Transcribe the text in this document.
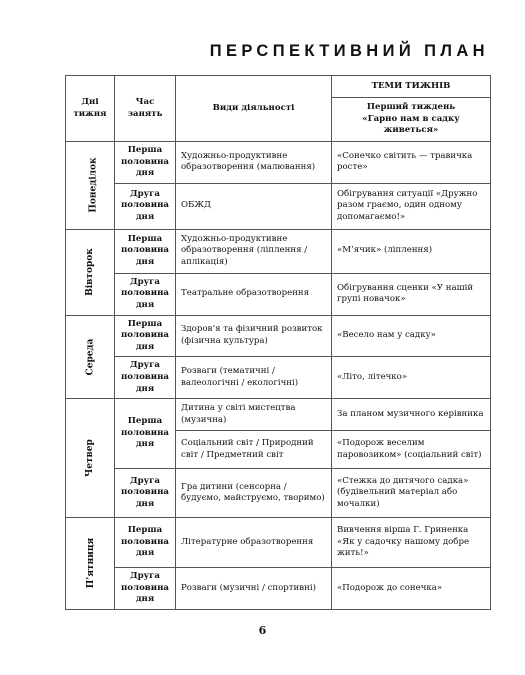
ПЕРСПЕКТИВНИЙ ПЛАН
Дні тижня	Час занять	Види діяльності	ТЕМИ ТИЖНІВ
			Перший тиждень
«Гарно нам в садку живеться»
Понеділок	Перша половина дня	Художньо-продуктивне образотворення (малювання)	«Сонечко світить — травичка росте»
	Друга половина дня	ОБЖД	Обігрування ситуації «Дружно разом граємо, один одному допомагаємо!»
Вівторок	Перша половина дня	Художньо-продуктивне образотворення (ліплення / аплікація)	«М’ячик» (ліплення)
	Друга половина дня	Театральне образотворення	Обігрування сценки «У нашій групі новачок»
Середа	Перша половина дня	Здоров’я та фізичний розвиток (фізична культура)	«Весело нам у садку»
	Друга половина дня	Розваги (тематичні / валеологічні / екологічні)	«Літо, літечко»
Четвер	Перша половина дня	Дитина у світі мистецтва (музична)	За планом музичного керівника
		Соціальний світ / Природний світ / Предметний світ	«Подорож веселим паровозиком» (соціальний світ)
	Друга половина дня	Гра дитини (сенсорна / будуємо, майструємо, творимо)	«Стежка до дитячого садка» (будівельний матеріал або мочалки)
П’ятниця	Перша половина дня	Літературне образотворення	Вивчення вірша Г. Гриненка «Як у садочку нашому добре жить!»
	Друга половина дня	Розваги (музичні / спортивні)	«Подорож до сонечка»
6
